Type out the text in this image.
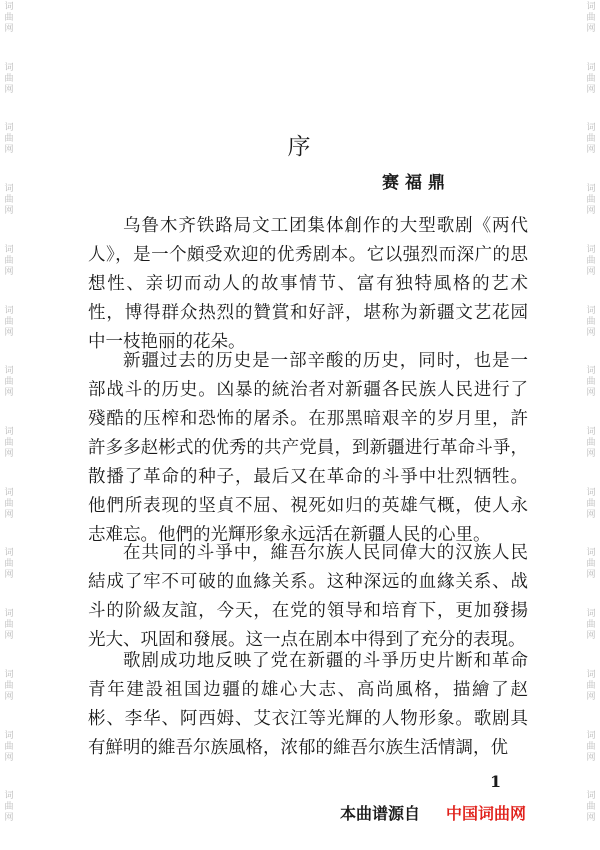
词
曲
网
词
曲
网
词
曲
网
词
曲
网
词
曲
网
词
曲
网
词
曲
网
词
曲
网
词
曲
网
词
曲
网
词
曲
网
词
曲
网
词
曲
网
词
曲
网
词
曲
网
词
曲
网
词
曲
网
词
曲
网
词
曲
网
词
曲
网
词
曲
网
词
曲
网
词
曲
网
词
曲
网
词
曲
网
词
曲
网
词
曲
网
词
曲
网
序
赛福鼎
乌鲁木齐铁路局文工团集体創作的大型歌剧《两代
人》，是一个頗受欢迎的优秀剧本。它以强烈而深广的思
想性、亲切而动人的故事情节、富有独特風格的艺术
性，博得群众热烈的贊賞和好評，堪称为新疆文艺花园
中一枝艳丽的花朵。
新疆过去的历史是一部辛酸的历史，同时，也是一
部战斗的历史。凶暴的統治者对新疆各民族人民进行了
殘酷的压榨和恐怖的屠杀。在那黑暗艰辛的岁月里，許
許多多赵彬式的优秀的共产党員，到新疆进行革命斗爭，
散播了革命的种子，最后又在革命的斗爭中壮烈牺牲。
他們所表现的坚貞不屈、視死如归的英雄气概，使人永
志难忘。他們的光輝形象永远活在新疆人民的心里。
在共同的斗爭中，維吾尔族人民同偉大的汉族人民
結成了牢不可破的血緣关系。这种深远的血緣关系、战
斗的阶級友誼，今天，在党的領导和培育下，更加發揚
光大、巩固和發展。这一点在剧本中得到了充分的表現。
歌剧成功地反映了党在新疆的斗爭历史片断和革命
青年建設祖国边疆的雄心大志、高尚風格，描繪了赵
彬、李华、阿西姆、艾衣江等光輝的人物形象。歌剧具
有鮮明的維吾尔族風格，浓郁的維吾尔族生活情調，优
1
本曲谱源自 中国词曲网
